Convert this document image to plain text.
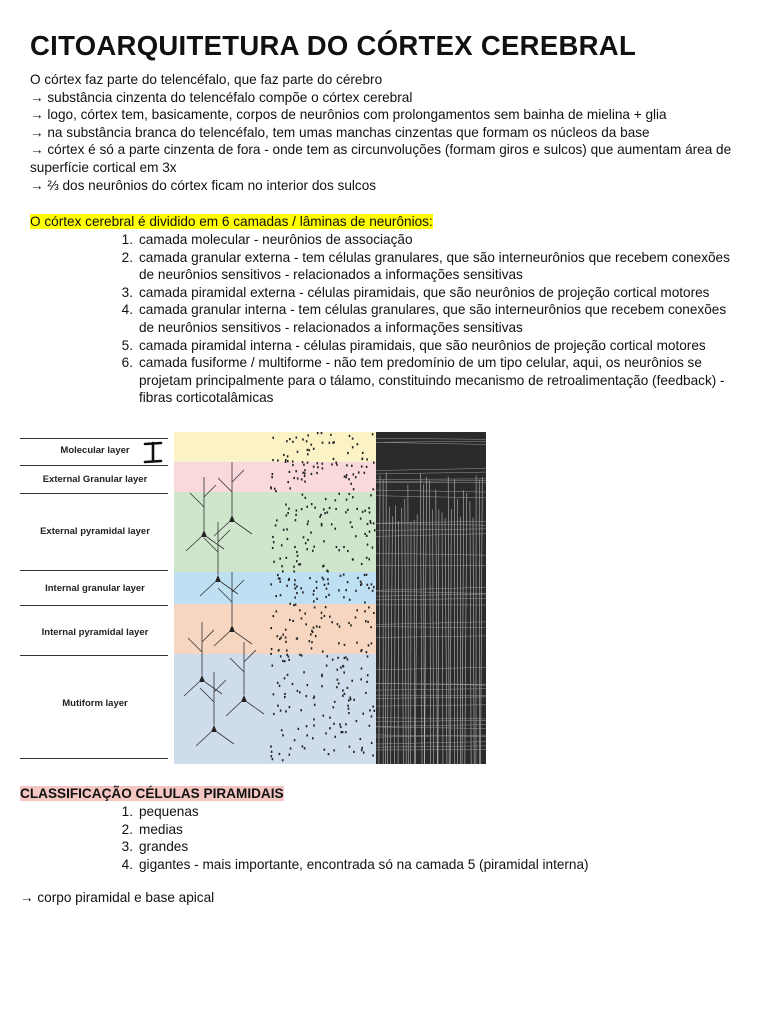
CITOARQUITETURA DO CÓRTEX CEREBRAL
O córtex faz parte do telencéfalo, que faz parte do cérebro
→ substância cinzenta do telencéfalo compõe o córtex cerebral
→ logo, córtex tem, basicamente, corpos de neurônios com prolongamentos sem bainha de mielina + glia
→ na substância branca do telencéfalo, tem umas manchas cinzentas que formam os núcleos da base
→ córtex é só a parte cinzenta de fora - onde tem as circunvoluções (formam giros e sulcos) que aumentam área de superfície cortical em 3x
→ ⅔ dos neurônios do córtex ficam no interior dos sulcos
O córtex cerebral é dividido em 6 camadas / lâminas de neurônios:
1. camada molecular - neurônios de associação
2. camada granular externa - tem células granulares, que são interneurônios que recebem conexões de neurônios sensitivos - relacionados a informações sensitivas
3. camada piramidal externa - células piramidais, que são neurônios de projeção cortical motores
4. camada granular interna - tem células granulares, que são interneurônios que recebem conexões de neurônios sensitivos - relacionados a informações sensitivas
5. camada piramidal interna - células piramidais, que são neurônios de projeção cortical motores
6. camada fusiforme / multiforme - não tem predomínio de um tipo celular, aqui, os neurônios se projetam principalmente para o tálamo, constituindo mecanismo de retroalimentação (feedback) - fibras corticotalâmicas
Molecular layer
External Granular layer
External pyramidal layer
Internal granular layer
Internal pyramidal layer
Mutiform layer
CLASSIFICAÇÃO CÉLULAS PIRAMIDAIS
1. pequenas
2. medias
3. grandes
4. gigantes - mais importante, encontrada só na camada 5 (piramidal interna)
→ corpo piramidal e base apical
